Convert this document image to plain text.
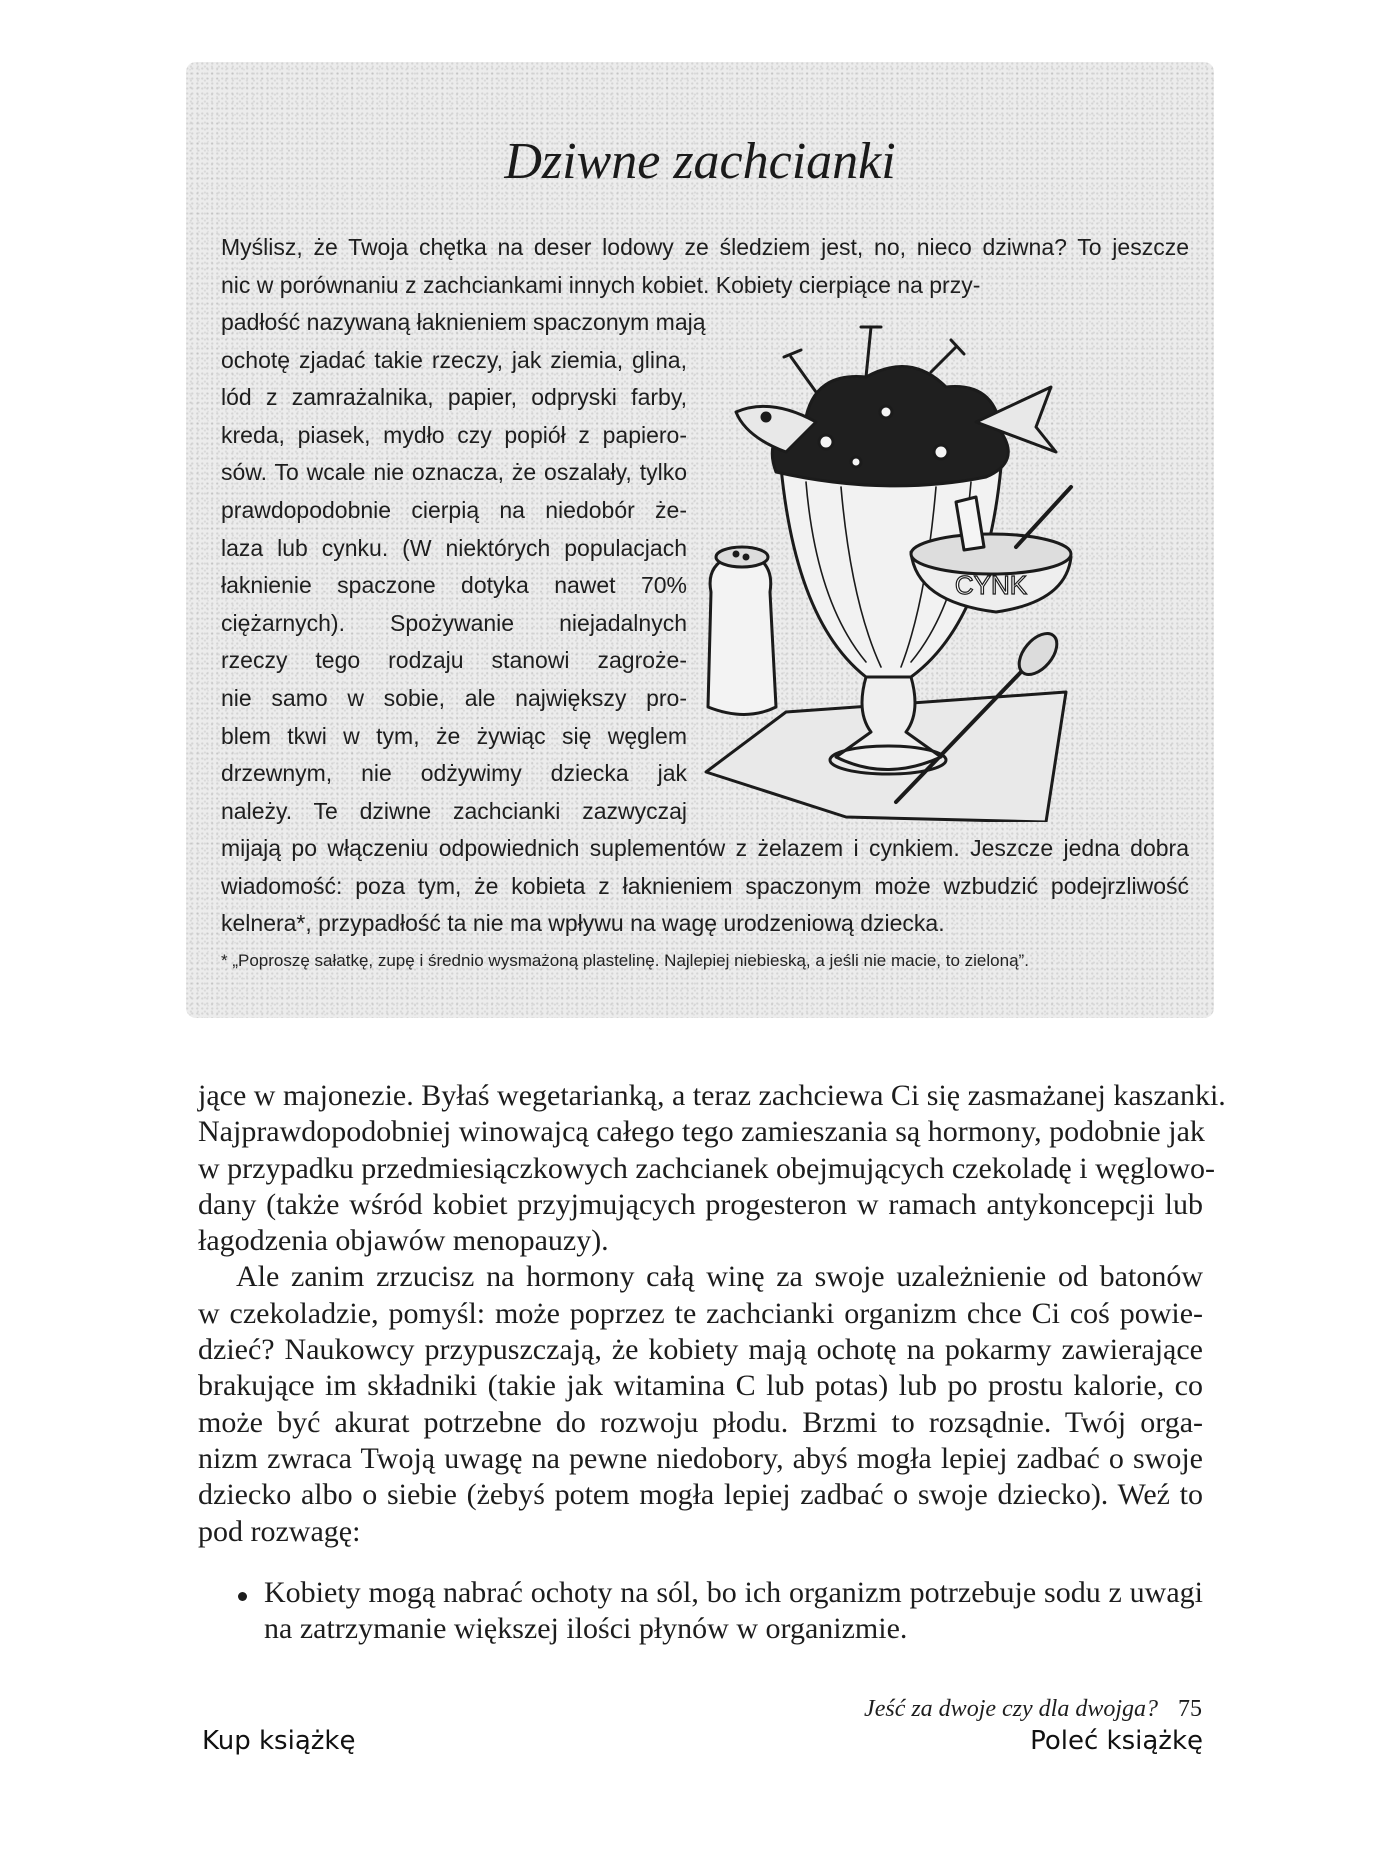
Dziwne zachcianki
Myślisz, że Twoja chętka na deser lodowy ze śledziem jest, no, nieco dziwna? To jeszcze
nic w porównaniu z zachciankami innych kobiet. Kobiety cierpiące na przy-
padłość nazywaną łaknieniem spaczonym mają
ochotę zjadać takie rzeczy, jak ziemia, glina,
lód z zamrażalnika, papier, odpryski farby,
kreda, piasek, mydło czy popiół z papiero-
sów. To wcale nie oznacza, że oszalały, tylko
prawdopodobnie cierpią na niedobór że-
laza lub cynku. (W niektórych populacjach
łaknienie spaczone dotyka nawet 70%
ciężarnych). Spożywanie niejadalnych
rzeczy tego rodzaju stanowi zagroże-
nie samo w sobie, ale największy pro-
blem tkwi w tym, że żywiąc się węglem
drzewnym, nie odżywimy dziecka jak
należy. Te dziwne zachcianki zazwyczaj
CYNK
mijają po włączeniu odpowiednich suplementów z żelazem i cynkiem. Jeszcze jedna dobra
wiadomość: poza tym, że kobieta z łaknieniem spaczonym może wzbudzić podejrzliwość
kelnera*, przypadłość ta nie ma wpływu na wagę urodzeniową dziecka.
* „Poproszę sałatkę, zupę i średnio wysmażoną plastelinę. Najlepiej niebieską, a jeśli nie macie, to zieloną”.
jące w majonezie. Byłaś wegetarianką, a teraz zachciewa Ci się zasmażanej kaszanki.
Najprawdopodobniej winowajcą całego tego zamieszania są hormony, podobnie jak
w przypadku przedmiesiączkowych zachcianek obejmujących czekoladę i węglowo-
dany (także wśród kobiet przyjmujących progesteron w ramach antykoncepcji lub
łagodzenia objawów menopauzy).
Ale zanim zrzucisz na hormony całą winę za swoje uzależnienie od batonów
w czekoladzie, pomyśl: może poprzez te zachcianki organizm chce Ci coś powie-
dzieć? Naukowcy przypuszczają, że kobiety mają ochotę na pokarmy zawierające
brakujące im składniki (takie jak witamina C lub potas) lub po prostu kalorie, co
może być akurat potrzebne do rozwoju płodu. Brzmi to rozsądnie. Twój orga-
nizm zwraca Twoją uwagę na pewne niedobory, abyś mogła lepiej zadbać o swoje
dziecko albo o siebie (żebyś potem mogła lepiej zadbać o swoje dziecko). Weź to
pod rozwagę:
Kobiety mogą nabrać ochoty na sól, bo ich organizm potrzebuje sodu z uwagi
na zatrzymanie większej ilości płynów w organizmie.
Jeść za dwoje czy dla dwojga? 75
Kup książkę	Poleć książkę
